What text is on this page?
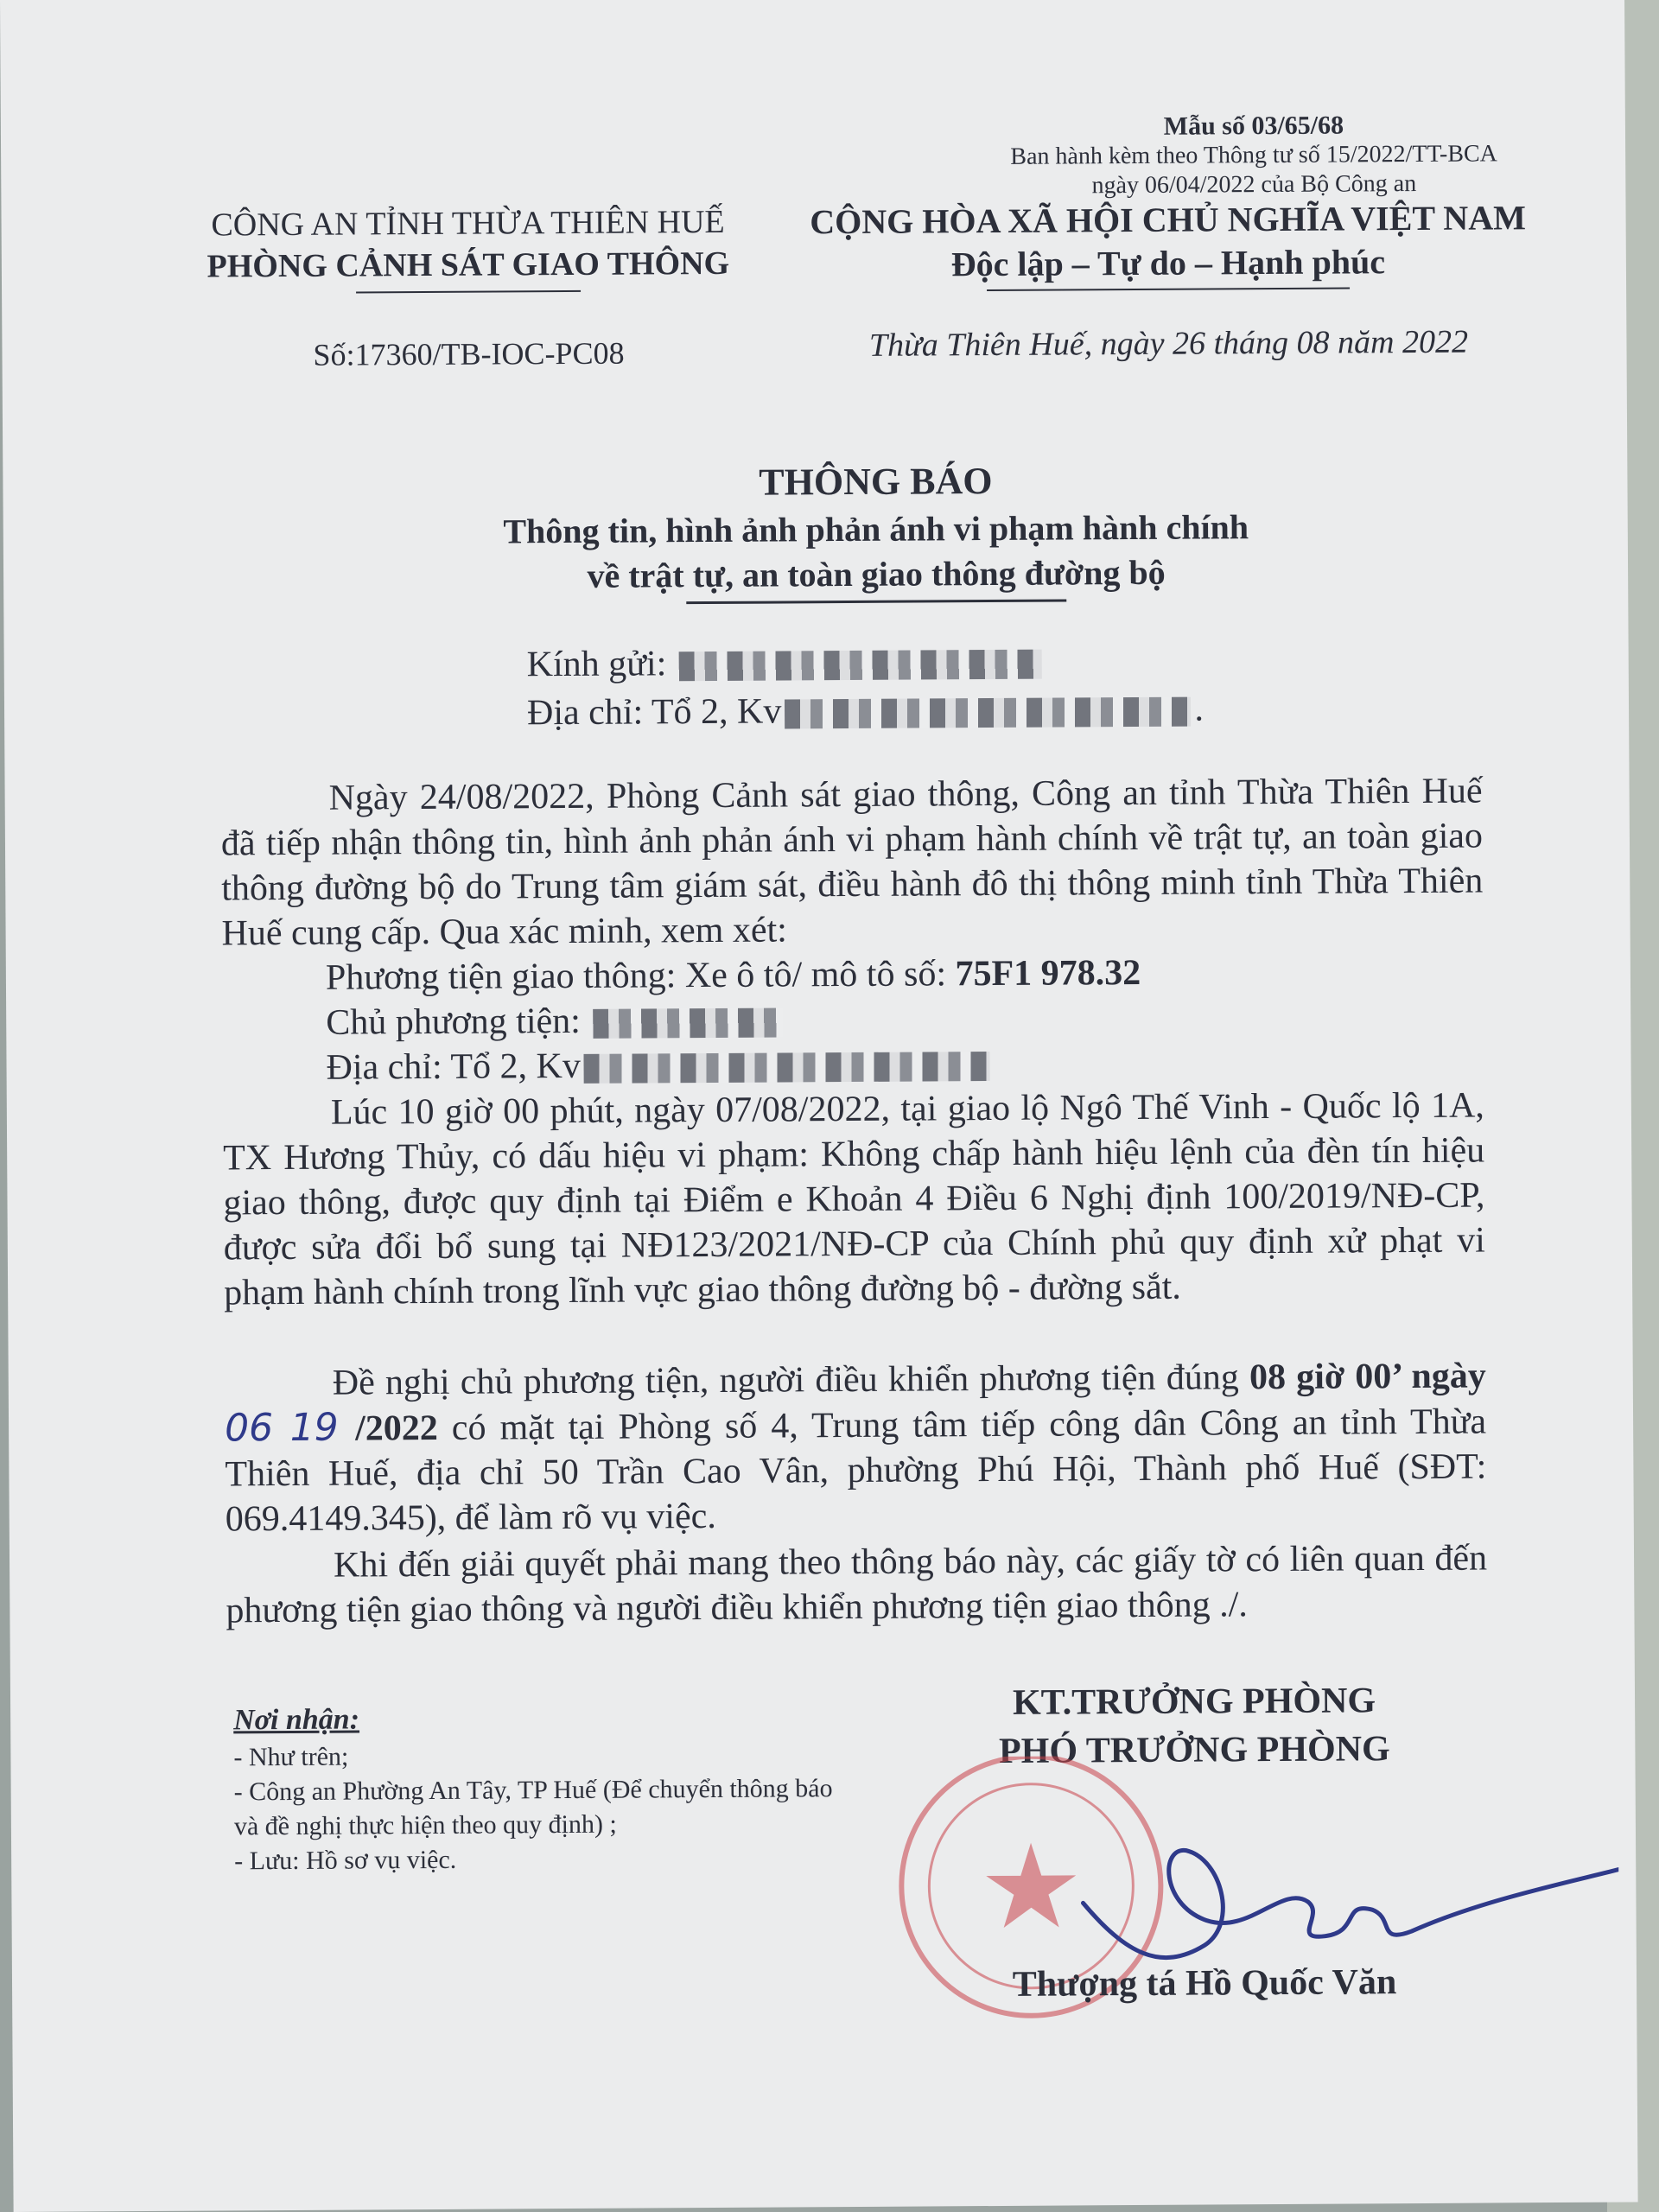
Mẫu số 03/65/68
Ban hành kèm theo Thông tư số 15/2022/TT-BCA
ngày 06/04/2022 của Bộ Công an
CÔNG AN TỈNH THỪA THIÊN HUẾ
PHÒNG CẢNH SÁT GIAO THÔNG
Số:17360/TB-IOC-PC08
CỘNG HÒA XÃ HỘI CHỦ NGHĨA VIỆT NAM
Độc lập – Tự do – Hạnh phúc
Thừa Thiên Huế, ngày 26 tháng 08 năm 2022
THÔNG BÁO
Thông tin, hình ảnh phản ánh vi phạm hành chính
về trật tự, an toàn giao thông đường bộ
Kính gửi:
Địa chỉ: Tổ 2, Kv	.
Ngày 24/08/2022, Phòng Cảnh sát giao thông, Công an tỉnh Thừa Thiên Huế đã tiếp nhận thông tin, hình ảnh phản ánh vi phạm hành chính về trật tự, an toàn giao thông đường bộ do Trung tâm giám sát, điều hành đô thị thông minh tỉnh Thừa Thiên Huế cung cấp. Qua xác minh, xem xét:
Phương tiện giao thông: Xe ô tô/ mô tô số: 75F1 978.32
Chủ phương tiện:
Địa chỉ: Tổ 2, Kv
Lúc 10 giờ 00 phút, ngày 07/08/2022, tại giao lộ Ngô Thế Vinh - Quốc lộ 1A, TX Hương Thủy, có dấu hiệu vi phạm: Không chấp hành hiệu lệnh của đèn tín hiệu giao thông, được quy định tại Điểm e Khoản 4 Điều 6 Nghị định 100/2019/NĐ-CP, được sửa đổi bổ sung tại NĐ123/2021/NĐ-CP của Chính phủ quy định xử phạt vi phạm hành chính trong lĩnh vực giao thông đường bộ - đường sắt.
Đề nghị chủ phương tiện, người điều khiển phương tiện đúng 08 giờ 00’ ngày 06 19 /2022 có mặt tại Phòng số 4, Trung tâm tiếp công dân Công an tỉnh Thừa Thiên Huế, địa chỉ 50 Trần Cao Vân, phường Phú Hội, Thành phố Huế (SĐT: 069.4149.345), để làm rõ vụ việc.
Khi đến giải quyết phải mang theo thông báo này, các giấy tờ có liên quan đến phương tiện giao thông và người điều khiển phương tiện giao thông ./.
Nơi nhận:
- Như trên;
- Công an Phường An Tây, TP Huế (Để chuyển thông báo và đề nghị thực hiện theo quy định) ;
- Lưu: Hồ sơ vụ việc.
KT.TRƯỞNG PHÒNG
PHÓ TRƯỞNG PHÒNG
Thượng tá Hồ Quốc Văn
